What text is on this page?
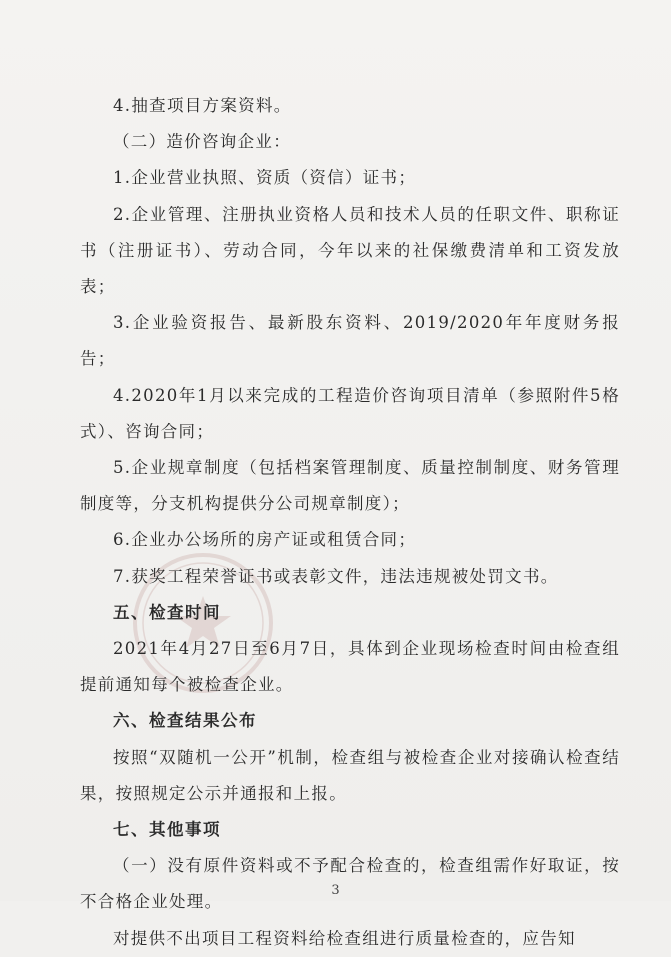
4.抽查项目方案资料。

（二）造价咨询企业：

1.企业营业执照、资质（资信）证书；

2.企业管理、注册执业资格人员和技术人员的任职文件、职称证书（注册证书）、劳动合同，今年以来的社保缴费清单和工资发放表；

3.企业验资报告、最新股东资料、2019/2020年年度财务报告；

4.2020年1月以来完成的工程造价咨询项目清单（参照附件5格式）、咨询合同；

5.企业规章制度（包括档案管理制度、质量控制制度、财务管理制度等，分支机构提供分公司规章制度）；

6.企业办公场所的房产证或租赁合同；

7.获奖工程荣誉证书或表彰文件，违法违规被处罚文书。

五、检查时间

2021年4月27日至6月7日，具体到企业现场检查时间由检查组提前通知每个被检查企业。

六、检查结果公布

按照“双随机一公开”机制，检查组与被检查企业对接确认检查结果，按照规定公示并通报和上报。

七、其他事项

（一）没有原件资料或不予配合检查的，检查组需作好取证，按不合格企业处理。

对提供不出项目工程资料给检查组进行质量检查的，应告知

3
